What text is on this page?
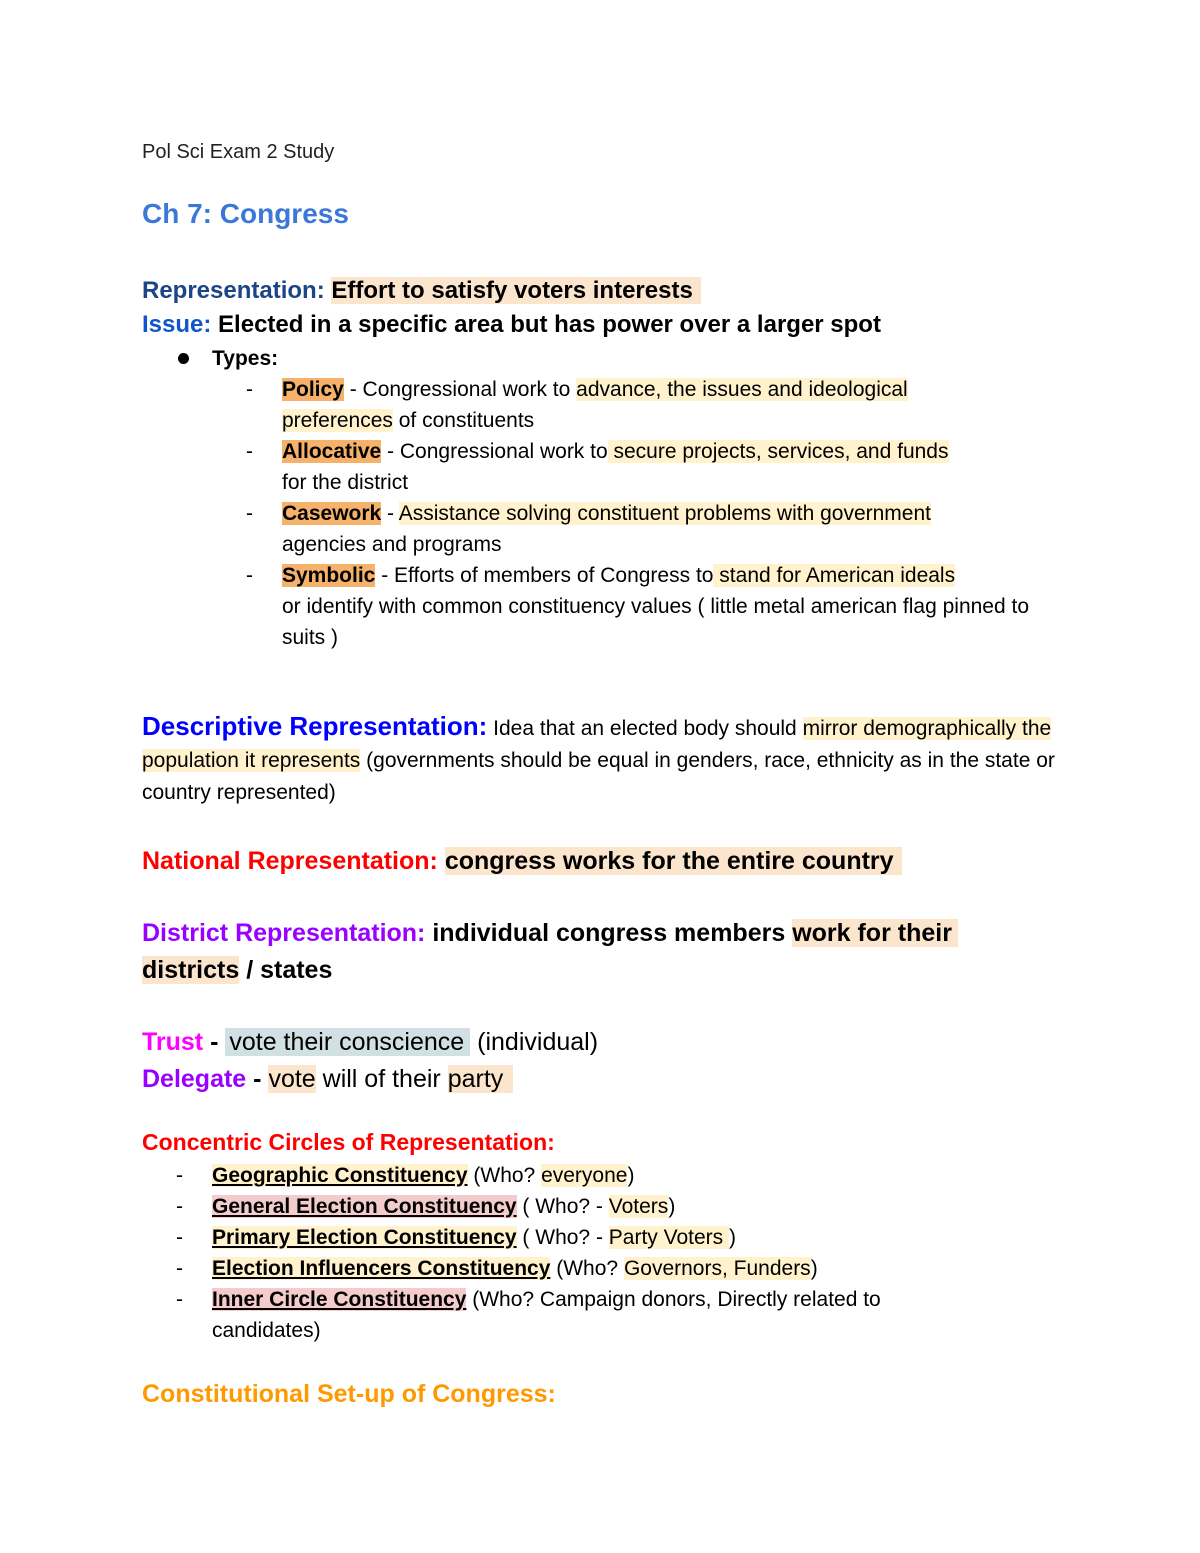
Pol Sci Exam 2 Study
Ch 7: Congress
Representation: Effort to satisfy voters interests
Issue: Elected in a specific area but has power over a larger spot
Types:
- Policy - Congressional work to advance, the issues and ideological
preferences of constituents
- Allocative - Congressional work to secure projects, services, and funds
for the district
- Casework - Assistance solving constituent problems with government
agencies and programs
- Symbolic - Efforts of members of Congress to stand for American ideals
or identify with common constituency values ( little metal american flag pinned to suits )
Descriptive Representation: Idea that an elected body should mirror demographically the population it represents (governments should be equal in genders, race, ethnicity as in the state or country represented)
National Representation: congress works for the entire country
District Representation: individual congress members work for their
districts / states
Trust - vote their conscience (individual)
Delegate - vote will of their party
Concentric Circles of Representation:
- Geographic Constituency (Who? everyone)
- General Election Constituency ( Who? - Voters)
- Primary Election Constituency ( Who? - Party Voters )
- Election Influencers Constituency (Who? Governors, Funders)
- Inner Circle Constituency (Who? Campaign donors, Directly related to candidates)
Constitutional Set-up of Congress:
